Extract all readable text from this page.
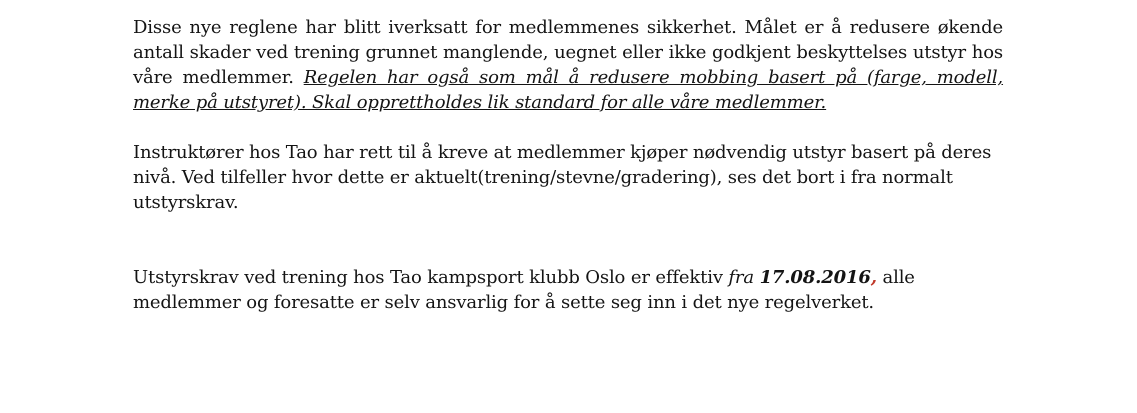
Disse nye reglene har blitt iverksatt for medlemmenes sikkerhet. Målet er å redusere økende antall skader ved trening grunnet manglende, uegnet eller ikke godkjent beskyttelses utstyr hos våre medlemmer. Regelen har også som mål å redusere mobbing basert på (farge, modell, merke på utstyret). Skal opprettholdes lik standard for alle våre medlemmer.

Instruktører hos Tao har rett til å kreve at medlemmer kjøper nødvendig utstyr basert på deres nivå. Ved tilfeller hvor dette er aktuelt(trening/stevne/gradering), ses det bort i fra normalt utstyrskrav.

Utstyrskrav ved trening hos Tao kampsport klubb Oslo er effektiv fra 17.08.2016, alle medlemmer og foresatte er selv ansvarlig for å sette seg inn i det nye regelverket.
